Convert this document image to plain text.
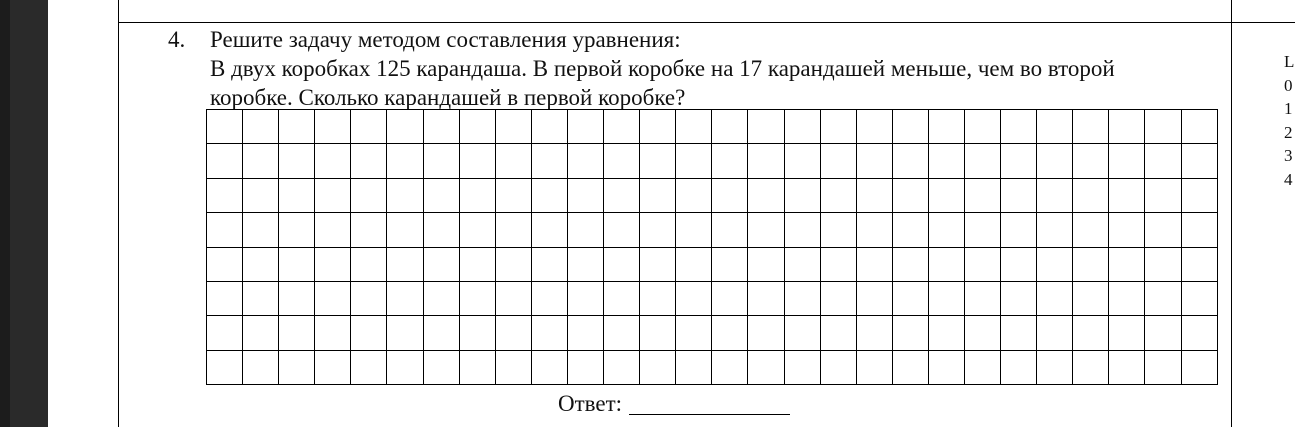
4. Решите задачу методом составления уравнения:
В двух коробках 125 карандаша. В первой коробке на 17 карандашей меньше, чем во второй
коробке. Сколько карандашей в первой коробке?

Ответ:
L
0
1
2
3
4
